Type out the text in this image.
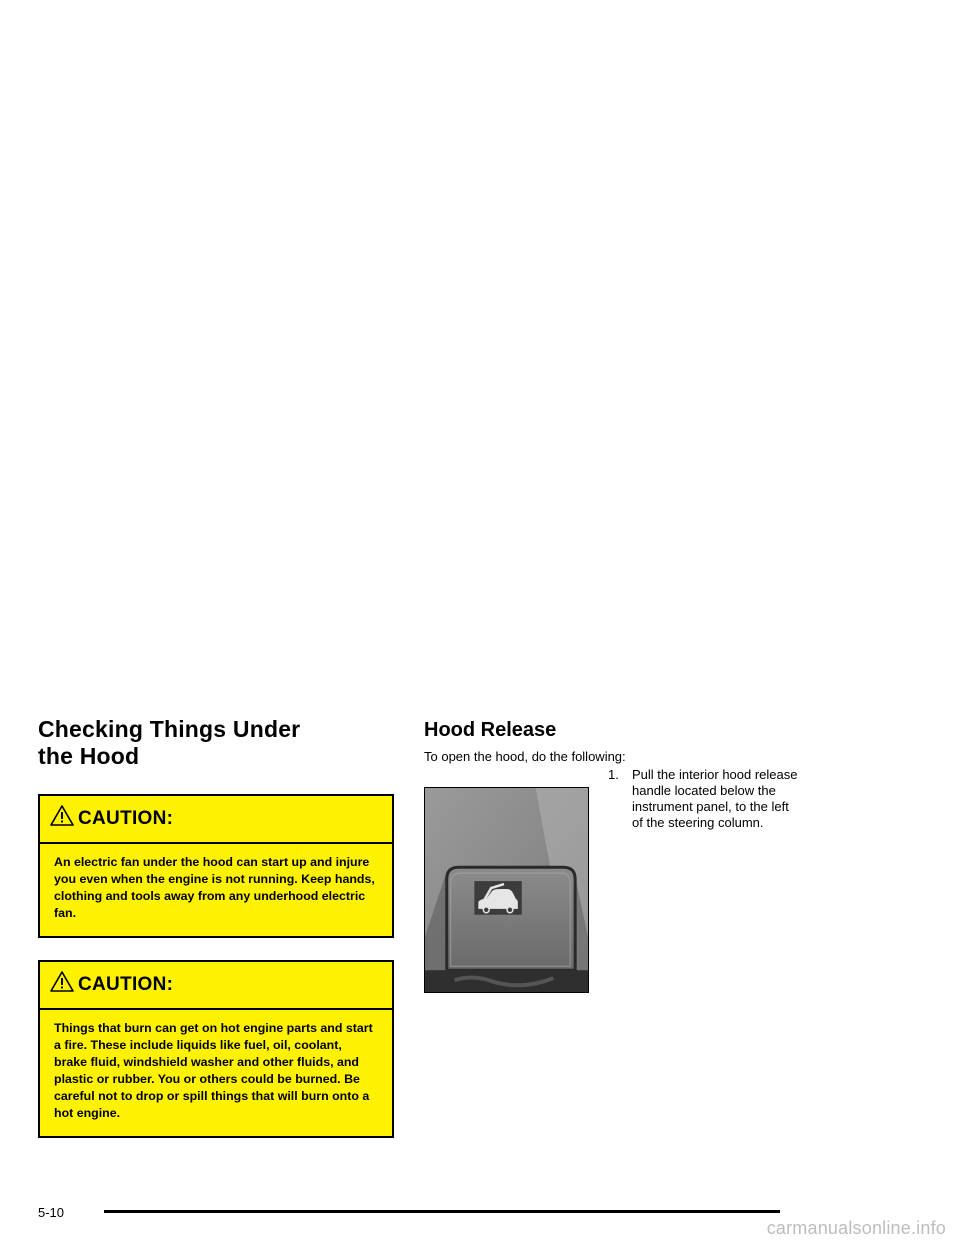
Checking Things Under
the Hood
CAUTION:
An electric fan under the hood can start up and injure you even when the engine is not running. Keep hands, clothing and tools away from any underhood electric fan.
CAUTION:
Things that burn can get on hot engine parts and start a fire. These include liquids like fuel, oil, coolant, brake fluid, windshield washer and other fluids, and plastic or rubber. You or others could be burned. Be careful not to drop or spill things that will burn onto a hot engine.
Hood Release
To open the hood, do the following:
1.	Pull the interior hood release handle located below the instrument panel, to the left of the steering column.
5-10
carmanualsonline.info
